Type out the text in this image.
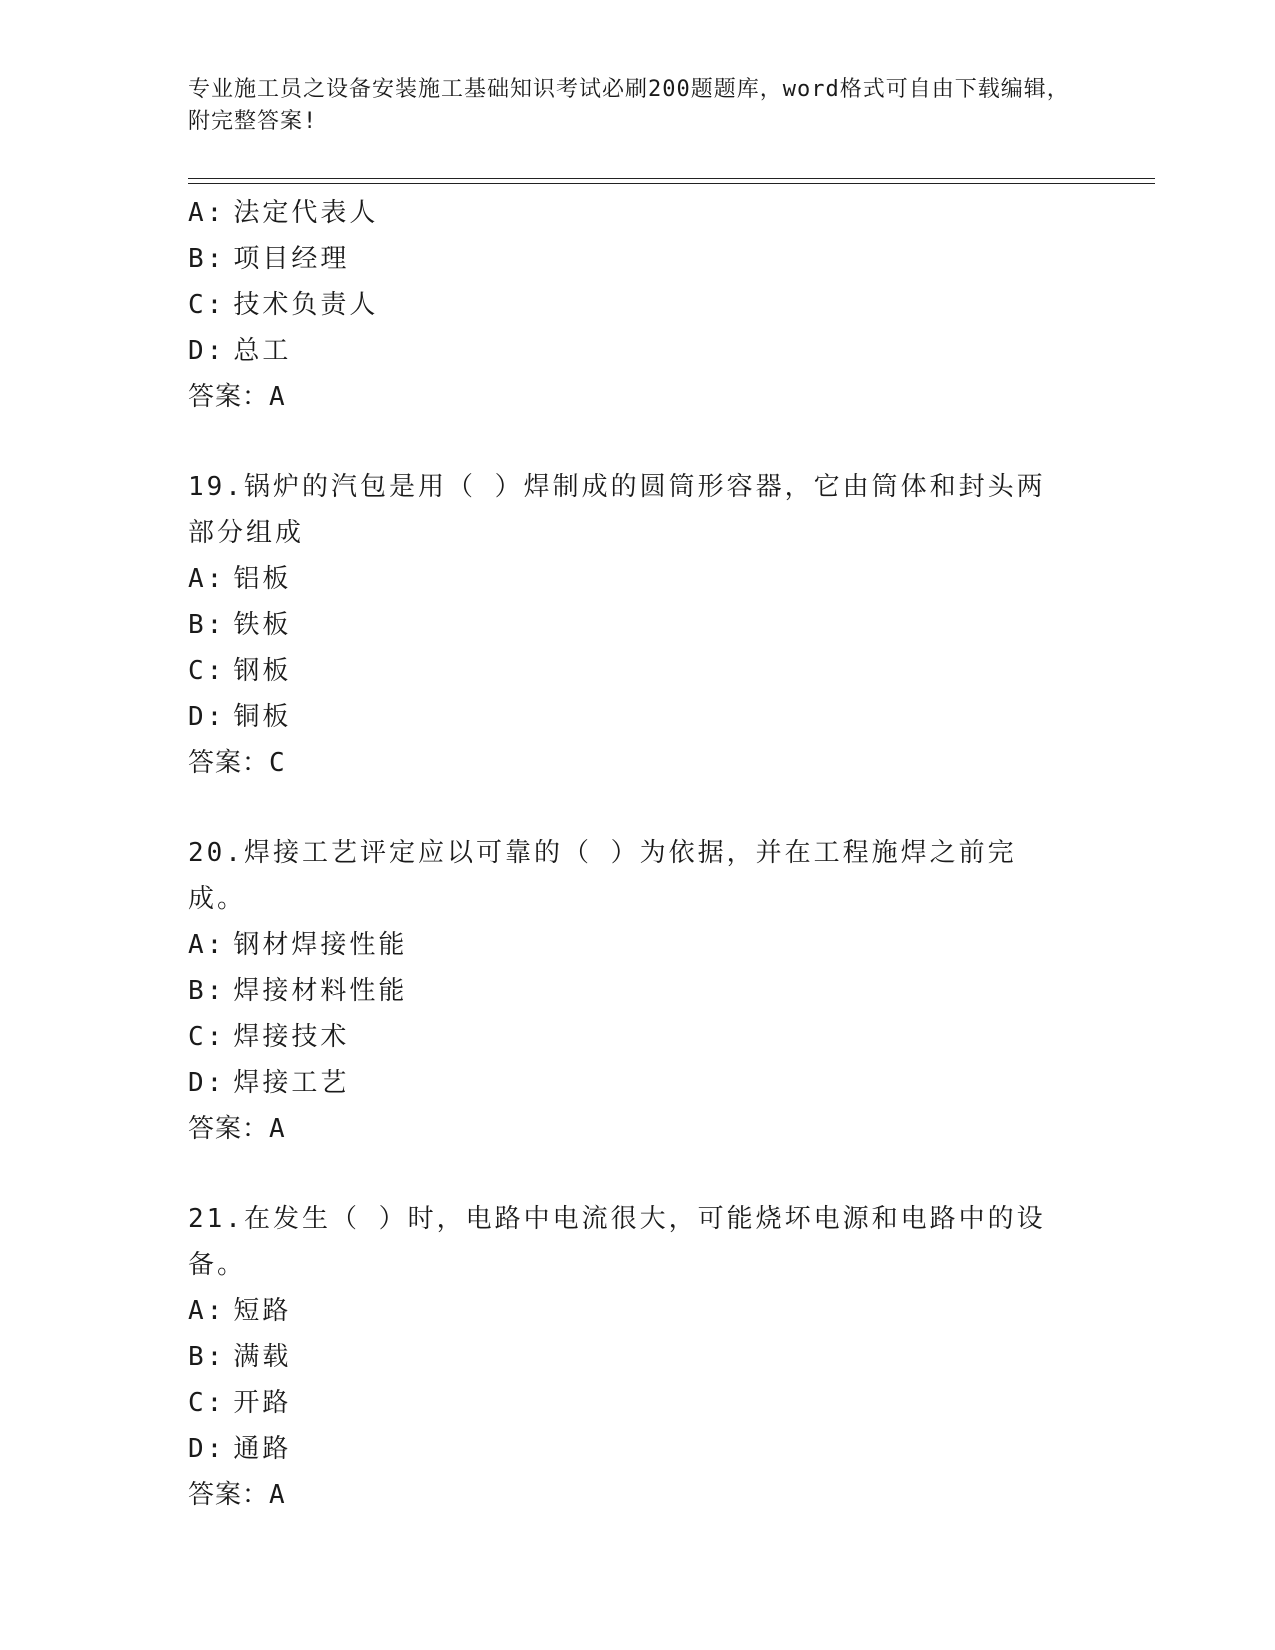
专业施工员之设备安装施工基础知识考试必刷200题题库，word格式可自由下载编辑，附完整答案!
A: 法定代表人
B: 项目经理
C: 技术负责人
D: 总工
答案：A
19.锅炉的汽包是用（ ）焊制成的圆筒形容器，它由筒体和封头两部分组成
A: 铝板
B: 铁板
C: 钢板
D: 铜板
答案：C
20.焊接工艺评定应以可靠的（ ）为依据，并在工程施焊之前完成。
A: 钢材焊接性能
B: 焊接材料性能
C: 焊接技术
D: 焊接工艺
答案：A
21.在发生（ ）时，电路中电流很大，可能烧坏电源和电路中的设备。
A: 短路
B: 满载
C: 开路
D: 通路
答案：A
